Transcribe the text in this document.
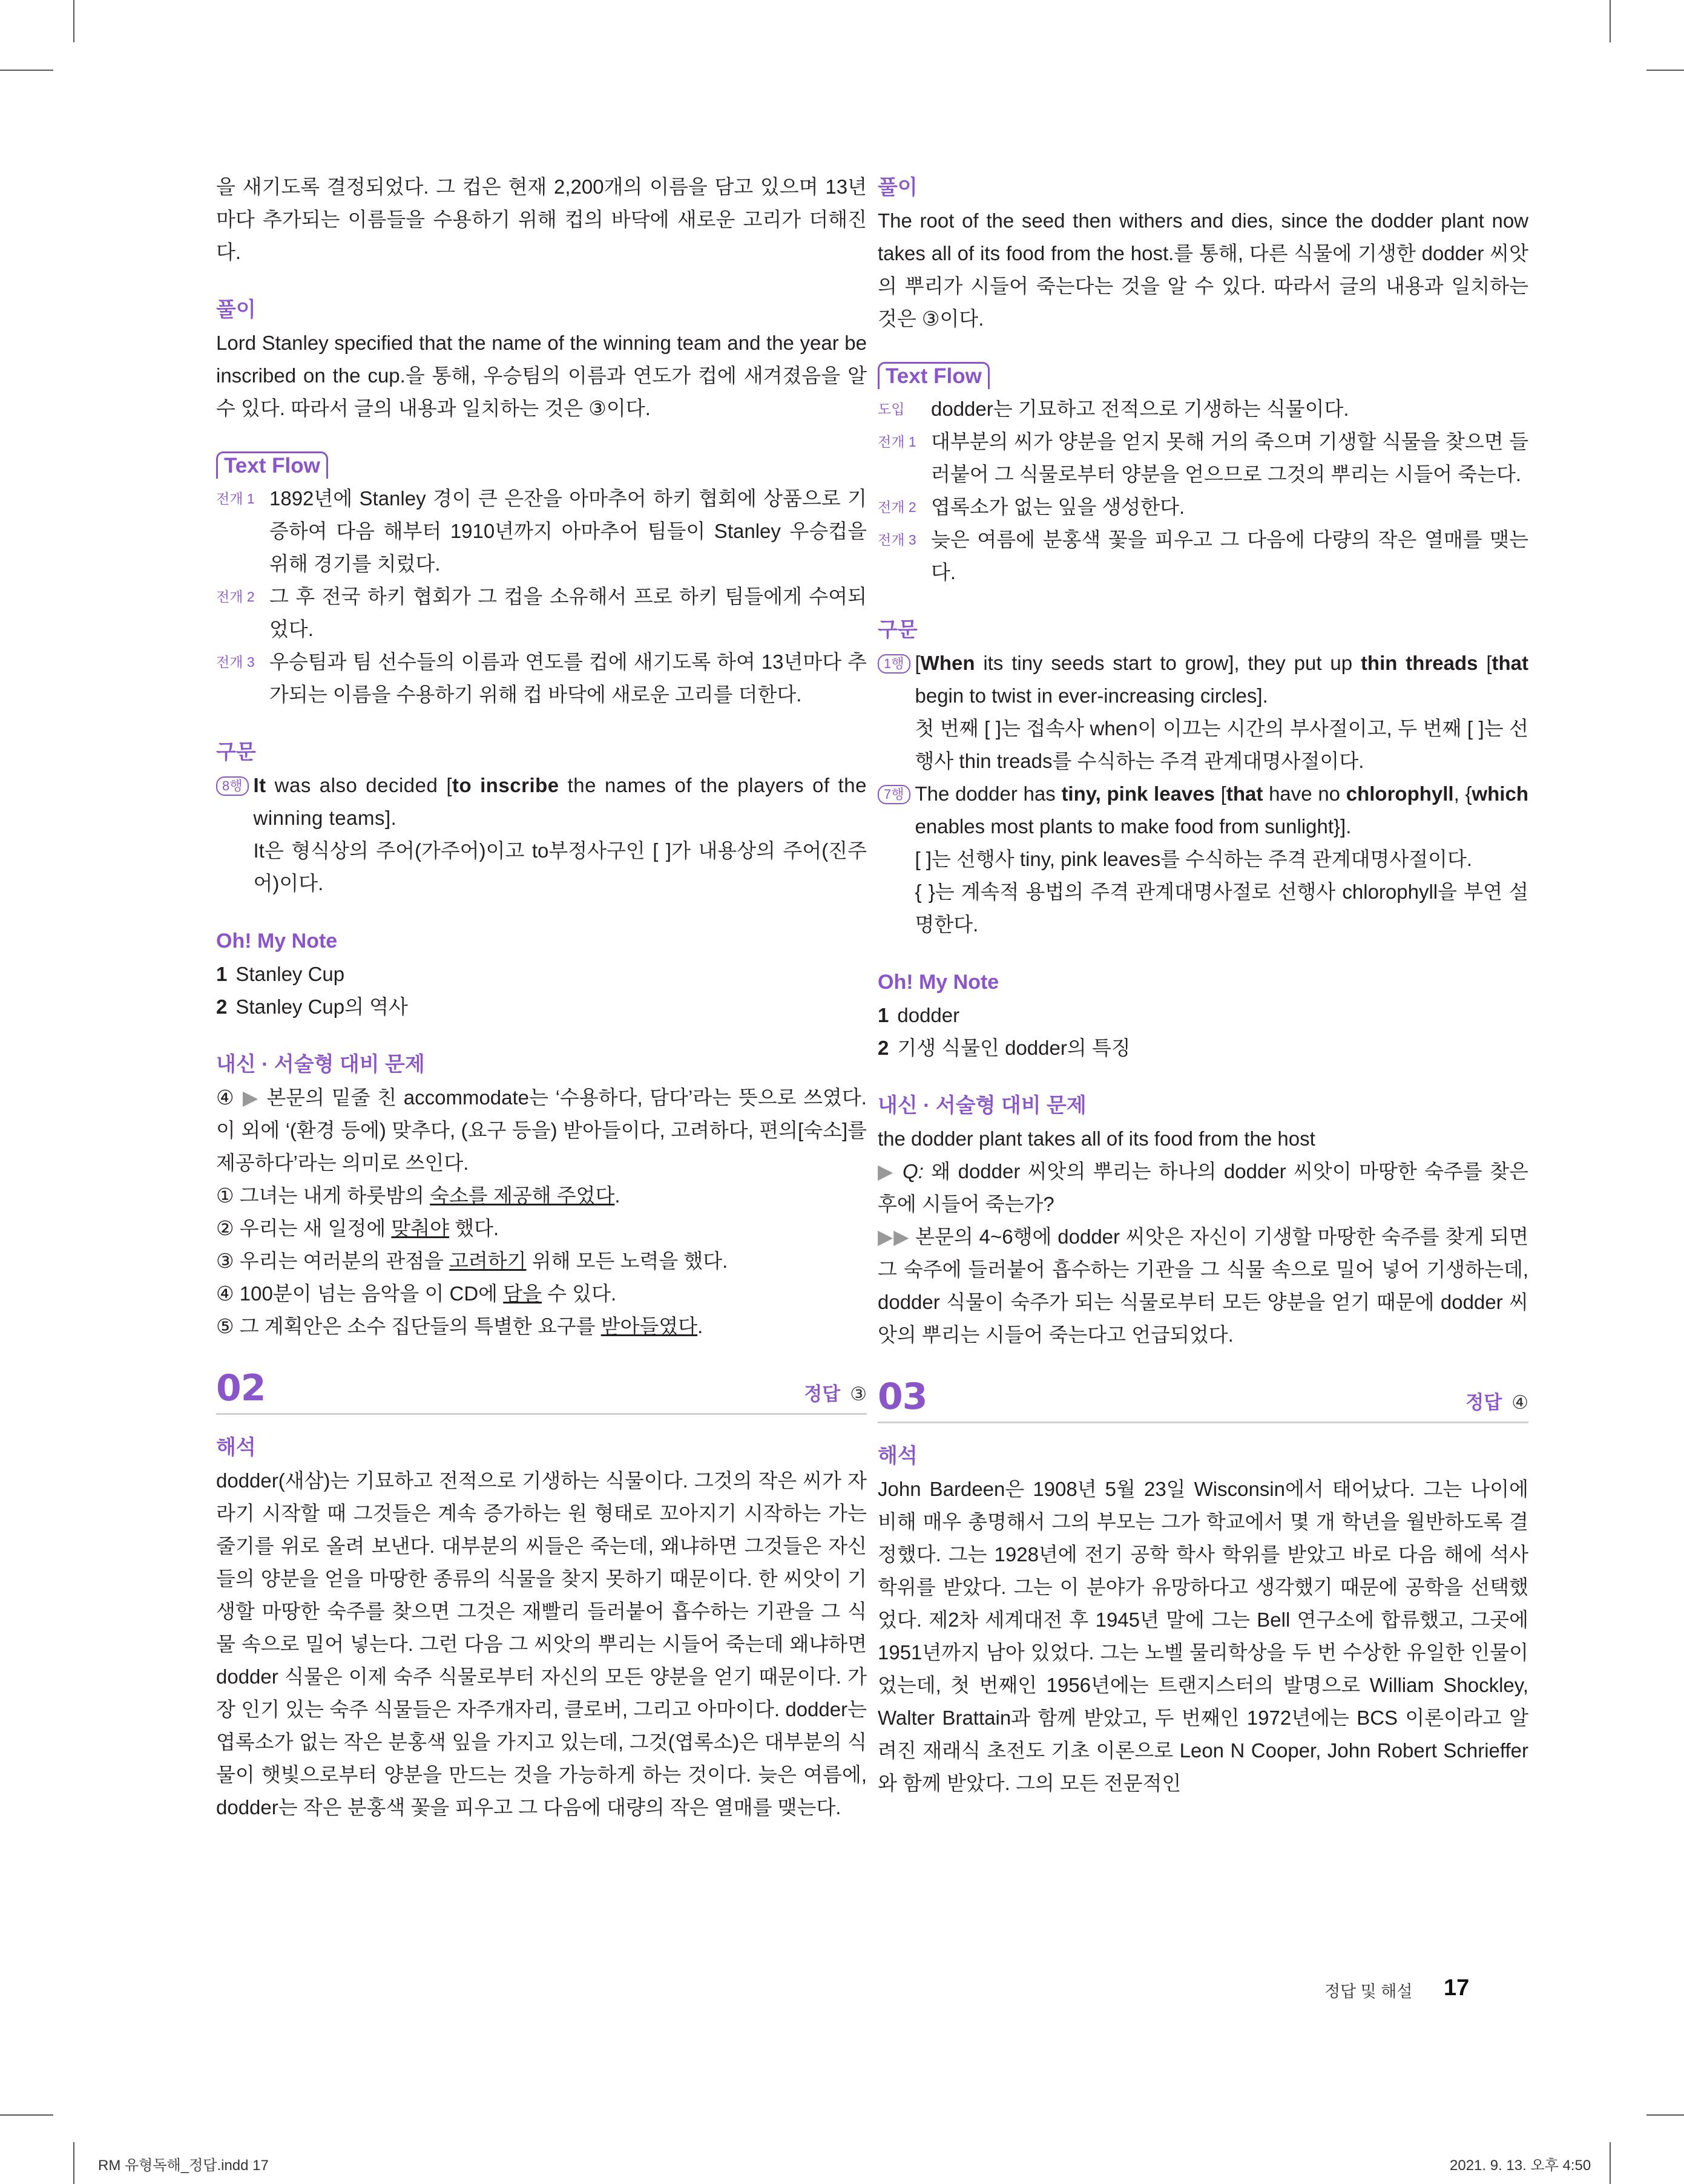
을 새기도록 결정되었다. 그 컵은 현재 2,200개의 이름을 담고 있으며 13년마다 추가되는 이름들을 수용하기 위해 컵의 바닥에 새로운 고리가 더해진다.

풀이

Lord Stanley specified that the name of the winning team and the year be inscribed on the cup.을 통해, 우승팀의 이름과 연도가 컵에 새겨졌음을 알 수 있다. 따라서 글의 내용과 일치하는 것은 ③이다.

Text Flow
전개 1 1892년에 Stanley 경이 큰 은잔을 아마추어 하키 협회에 상품으로 기증하여 다음 해부터 1910년까지 아마추어 팀들이 Stanley 우승컵을 위해 경기를 치렀다.
전개 2 그 후 전국 하키 협회가 그 컵을 소유해서 프로 하키 팀들에게 수여되었다.
전개 3 우승팀과 팀 선수들의 이름과 연도를 컵에 새기도록 하여 13년마다 추가되는 이름을 수용하기 위해 컵 바닥에 새로운 고리를 더한다.

구문

8행 It was also decided [to inscribe the names of the players of the winning teams].
It은 형식상의 주어(가주어)이고 to부정사구인 [ ]가 내용상의 주어(진주어)이다.

Oh! My Note

1 Stanley Cup

2 Stanley Cup의 역사

내신 · 서술형 대비 문제

④ ▶ 본문의 밑줄 친 accommodate는 ‘수용하다, 담다’라는 뜻으로 쓰였다. 이 외에 ‘(환경 등에) 맞추다, (요구 등을) 받아들이다, 고려하다, 편의[숙소]를 제공하다’라는 의미로 쓰인다.

① 그녀는 내게 하룻밤의 숙소를 제공해 주었다.

② 우리는 새 일정에 맞춰야 했다.

③ 우리는 여러분의 관점을 고려하기 위해 모든 노력을 했다.

④ 100분이 넘는 음악을 이 CD에 담을 수 있다.

⑤ 그 계획안은 소수 집단들의 특별한 요구를 받아들였다.

02	정답 ③

해석

dodder(새삼)는 기묘하고 전적으로 기생하는 식물이다. 그것의 작은 씨가 자라기 시작할 때 그것들은 계속 증가하는 원 형태로 꼬아지기 시작하는 가는 줄기를 위로 올려 보낸다. 대부분의 씨들은 죽는데, 왜냐하면 그것들은 자신들의 양분을 얻을 마땅한 종류의 식물을 찾지 못하기 때문이다. 한 씨앗이 기생할 마땅한 숙주를 찾으면 그것은 재빨리 들러붙어 흡수하는 기관을 그 식물 속으로 밀어 넣는다. 그런 다음 그 씨앗의 뿌리는 시들어 죽는데 왜냐하면 dodder 식물은 이제 숙주 식물로부터 자신의 모든 양분을 얻기 때문이다. 가장 인기 있는 숙주 식물들은 자주개자리, 클로버, 그리고 아마이다. dodder는 엽록소가 없는 작은 분홍색 잎을 가지고 있는데, 그것(엽록소)은 대부분의 식물이 햇빛으로부터 양분을 만드는 것을 가능하게 하는 것이다. 늦은 여름에, dodder는 작은 분홍색 꽃을 피우고 그 다음에 대량의 작은 열매를 맺는다.

풀이

The root of the seed then withers and dies, since the dodder plant now takes all of its food from the host.를 통해, 다른 식물에 기생한 dodder 씨앗의 뿌리가 시들어 죽는다는 것을 알 수 있다. 따라서 글의 내용과 일치하는 것은 ③이다.

Text Flow
도입	dodder는 기묘하고 전적으로 기생하는 식물이다.
전개 1 대부분의 씨가 양분을 얻지 못해 거의 죽으며 기생할 식물을 찾으면 들러붙어 그 식물로부터 양분을 얻으므로 그것의 뿌리는 시들어 죽는다.
전개 2 엽록소가 없는 잎을 생성한다.
전개 3 늦은 여름에 분홍색 꽃을 피우고 그 다음에 다량의 작은 열매를 맺는다.

구문

1행 [When its tiny seeds start to grow], they put up thin threads [that begin to twist in ever-increasing circles].
첫 번째 [ ]는 접속사 when이 이끄는 시간의 부사절이고, 두 번째 [ ]는 선행사 thin treads를 수식하는 주격 관계대명사절이다.
7행 The dodder has tiny, pink leaves [that have no chlorophyll, {which enables most plants to make food from sunlight}].
[ ]는 선행사 tiny, pink leaves를 수식하는 주격 관계대명사절이다.
{ }는 계속적 용법의 주격 관계대명사절로 선행사 chlorophyll을 부연 설명한다.

Oh! My Note

1 dodder

2 기생 식물인 dodder의 특징

내신 · 서술형 대비 문제

the dodder plant takes all of its food from the host

▶ Q: 왜 dodder 씨앗의 뿌리는 하나의 dodder 씨앗이 마땅한 숙주를 찾은 후에 시들어 죽는가?

▶▶ 본문의 4~6행에 dodder 씨앗은 자신이 기생할 마땅한 숙주를 찾게 되면 그 숙주에 들러붙어 흡수하는 기관을 그 식물 속으로 밀어 넣어 기생하는데, dodder 식물이 숙주가 되는 식물로부터 모든 양분을 얻기 때문에 dodder 씨앗의 뿌리는 시들어 죽는다고 언급되었다.

03	정답 ④

해석

John Bardeen은 1908년 5월 23일 Wisconsin에서 태어났다. 그는 나이에 비해 매우 총명해서 그의 부모는 그가 학교에서 몇 개 학년을 월반하도록 결정했다. 그는 1928년에 전기 공학 학사 학위를 받았고 바로 다음 해에 석사 학위를 받았다. 그는 이 분야가 유망하다고 생각했기 때문에 공학을 선택했었다. 제2차 세계대전 후 1945년 말에 그는 Bell 연구소에 합류했고, 그곳에 1951년까지 남아 있었다. 그는 노벨 물리학상을 두 번 수상한 유일한 인물이었는데, 첫 번째인 1956년에는 트랜지스터의 발명으로 William Shockley, Walter Brattain과 함께 받았고, 두 번째인 1972년에는 BCS 이론이라고 알려진 재래식 초전도 기초 이론으로 Leon N Cooper, John Robert Schrieffer와 함께 받았다. 그의 모든 전문적인

정답 및 해설 17
RM 유형독해_정답.indd 17	2021. 9. 13. 오후 4:50
